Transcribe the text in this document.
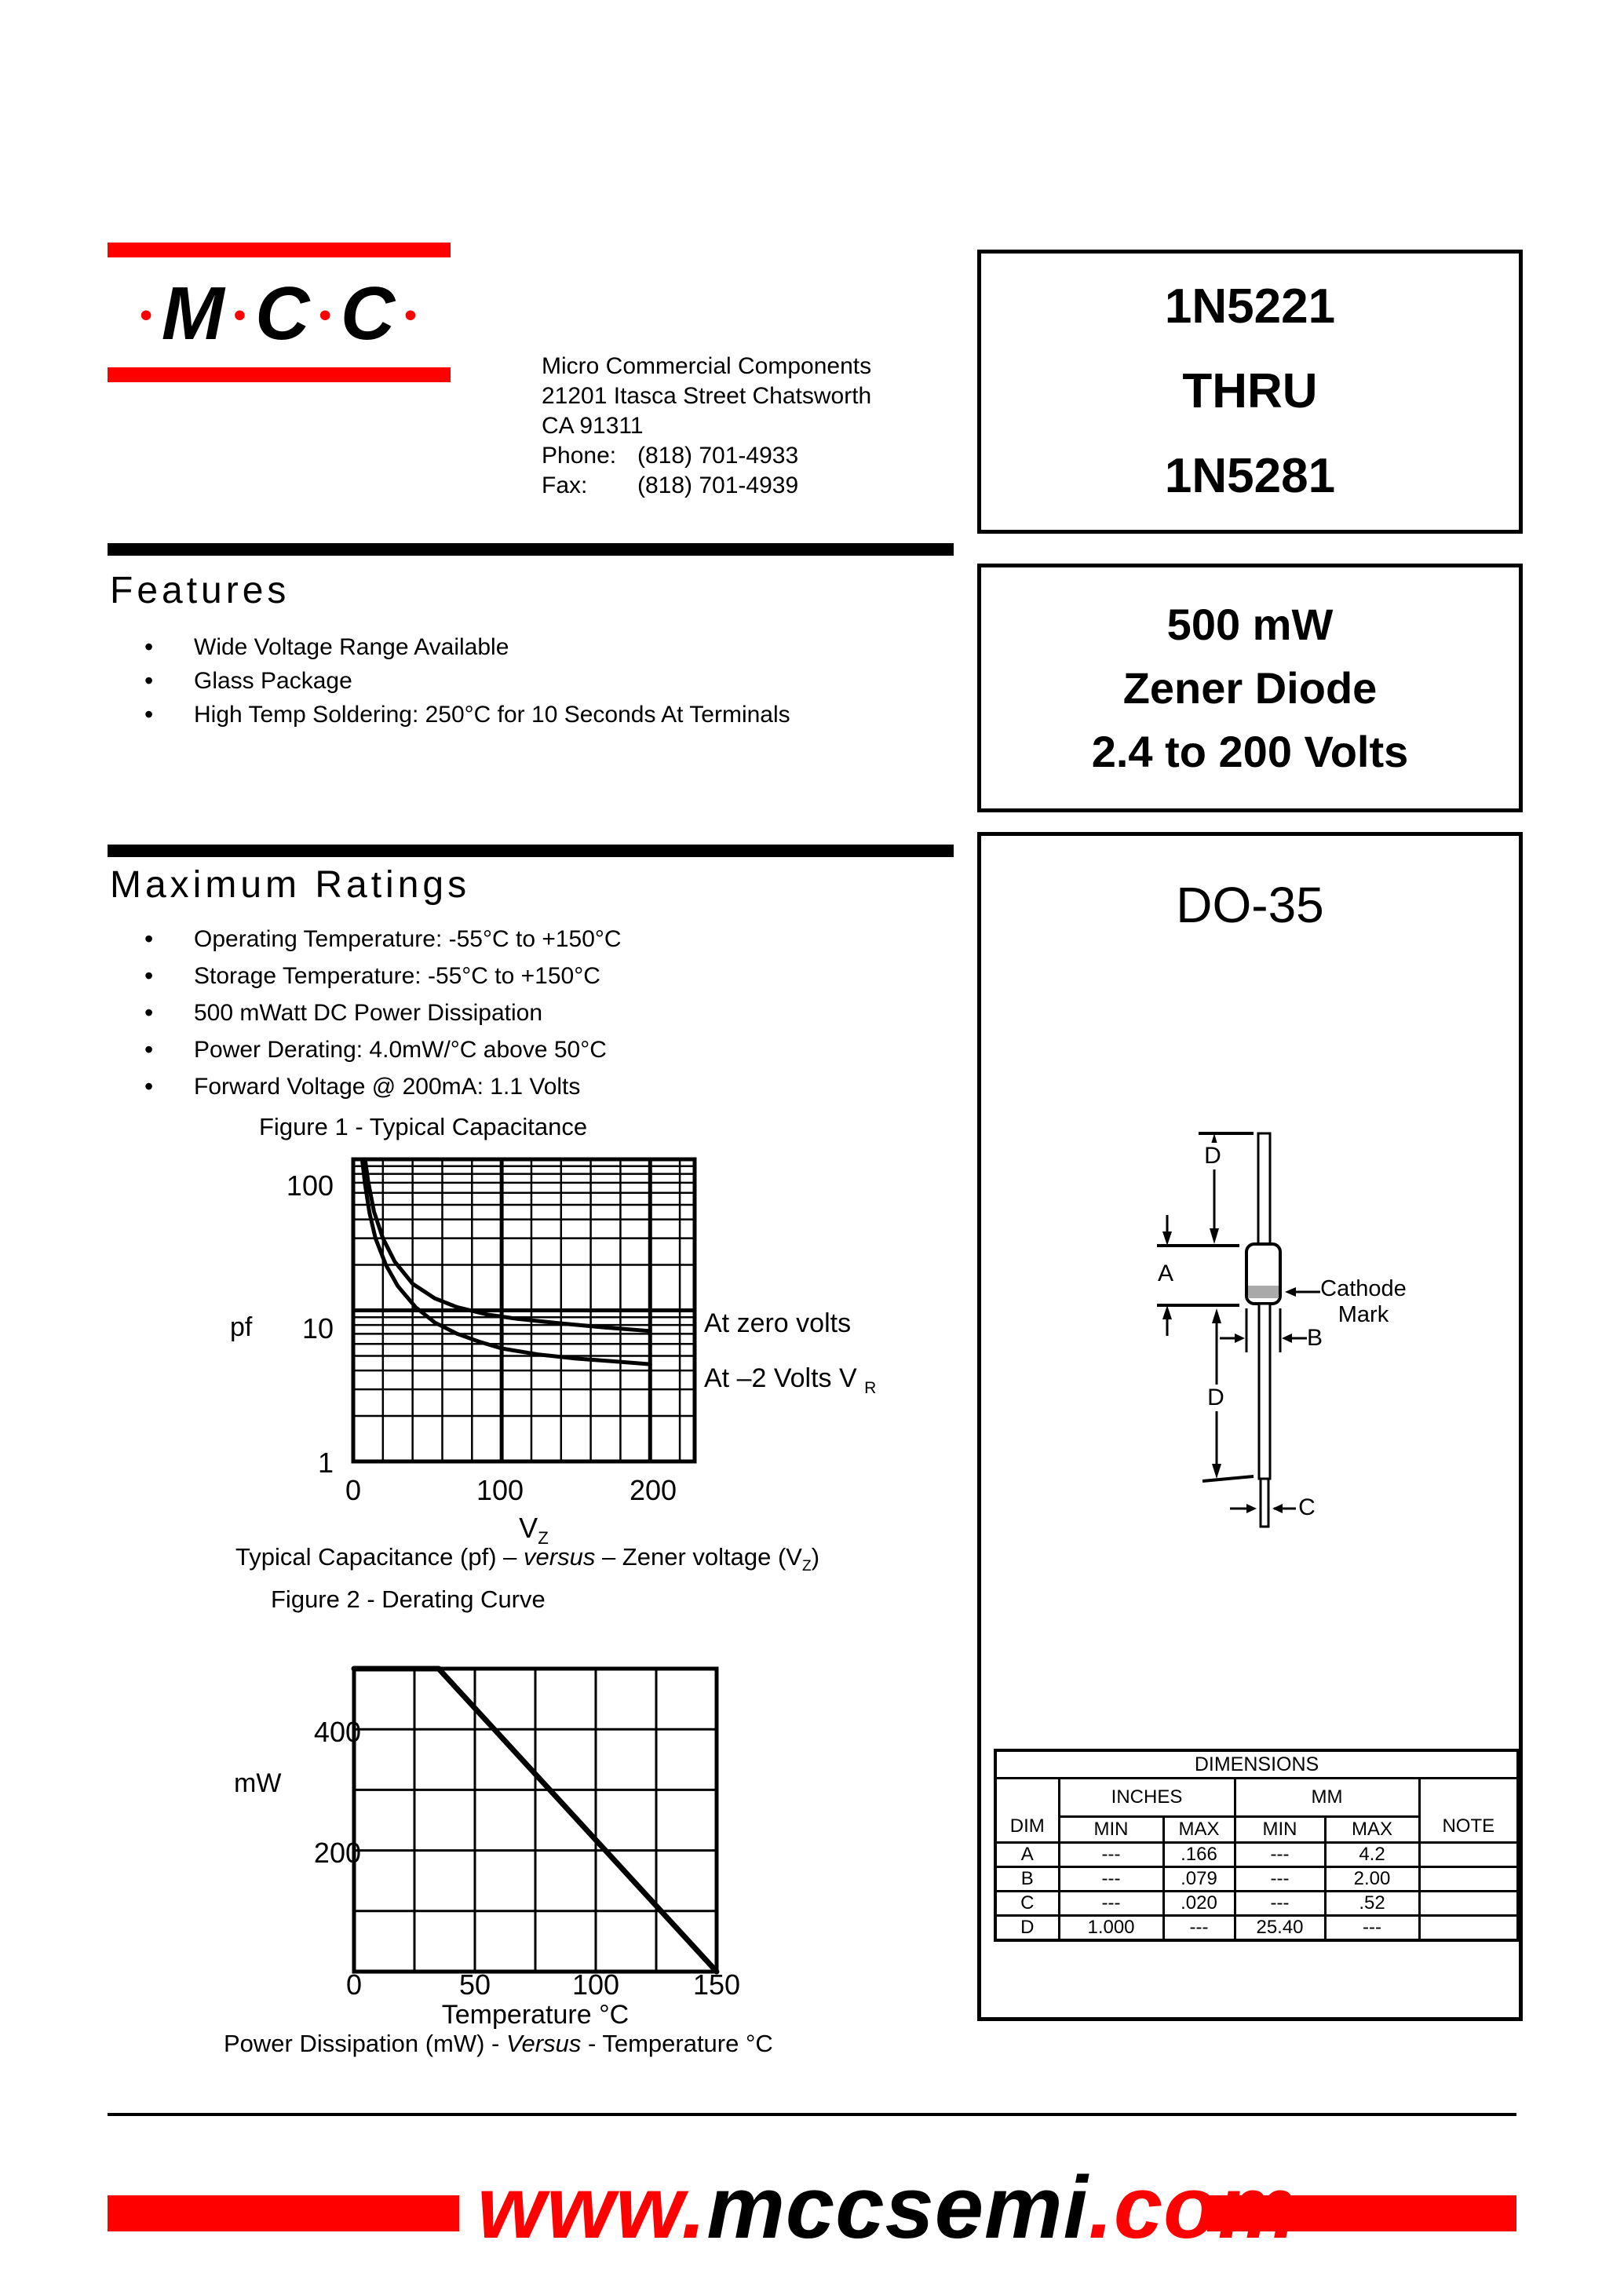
• M • C • C •
Micro Commercial Components
21201 Itasca Street Chatsworth
CA 91311
Phone: (818) 701-4933
Fax: (818) 701-4939
1N5221
THRU
1N5281
Features
• Wide Voltage Range Available
• Glass Package
• High Temp Soldering: 250°C for 10 Seconds At Terminals
500 mW
Zener Diode
2.4 to 200 Volts
Maximum Ratings
• Operating Temperature: -55°C to +150°C
• Storage Temperature: -55°C to +150°C
• 500 mWatt DC Power Dissipation
• Power Derating: 4.0mW/°C above 50°C
• Forward Voltage @ 200mA: 1.1 Volts
Figure 1 - Typical Capacitance
100
10
1
pf
0	100	200
$V_Z$
At zero volts
At –2 Volts V $_R$
Typical Capacitance (pf) – versus – Zener voltage $(V_Z)$
Figure 2 - Derating Curve
400
200
mW
0	50	100	150
Temperature °C
Power Dissipation (mW) - Versus - Temperature °C
DO-35
D
A
B
D
C
Cathode
Mark
DIMENSIONS					
DIM	INCHES		MM		NOTE
	MIN	MAX	MIN	MAX	
A	---	.166	---	4.2	
B	---	.079	---	2.00	
C	---	.020	---	.52	
D	1.000	---	25.40	---	
www.mccsemi.com
